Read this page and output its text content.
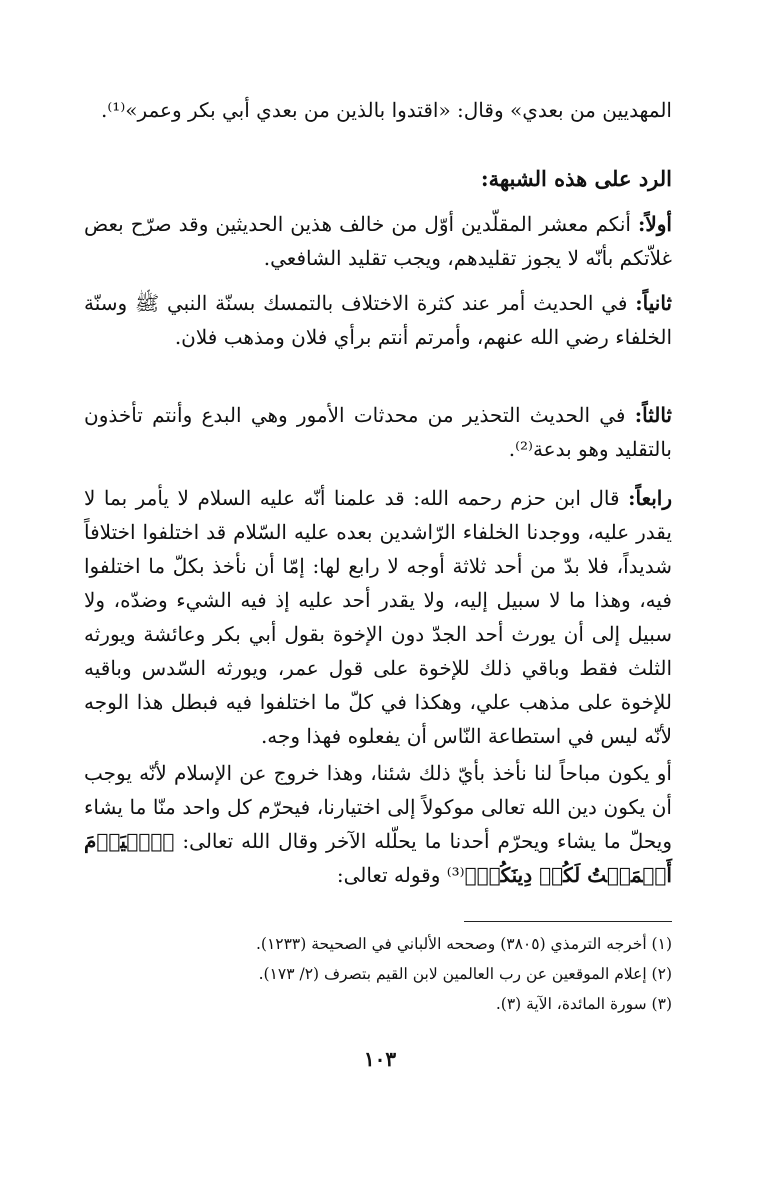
المهديين من بعدي» وقال: «اقتدوا بالذين من بعدي أبي بكر وعمر»⁽¹⁾.
الرد على هذه الشبهة:
أولاً: أنكم معشر المقلّدين أوّل من خالف هذين الحديثين وقد صرّح بعض غلاّتكم بأنّه لا يجوز تقليدهم، ويجب تقليد الشافعي.
ثانياً: في الحديث أمر عند كثرة الاختلاف بالتمسك بسنّة النبي ﷺ وسنّة الخلفاء رضي الله عنهم، وأمرتم أنتم برأي فلان ومذهب فلان.
ثالثاً: في الحديث التحذير من محدثات الأمور وهي البدع وأنتم تأخذون بالتقليد وهو بدعة⁽²⁾.
رابعاً: قال ابن حزم رحمه الله: قد علمنا أنّه عليه السلام لا يأمر بما لا يقدر عليه، ووجدنا الخلفاء الرّاشدين بعده عليه السّلام قد اختلفوا اختلافاً شديداً، فلا بدّ من أحد ثلاثة أوجه لا رابع لها: إمّا أن نأخذ بكلّ ما اختلفوا فيه، وهذا ما لا سبيل إليه، ولا يقدر أحد عليه إذ فيه الشيء وضدّه، ولا سبيل إلى أن يورث أحد الجدّ دون الإخوة بقول أبي بكر وعائشة ويورثه الثلث فقط وباقي ذلك للإخوة على قول عمر، ويورثه السّدس وباقيه للإخوة على مذهب علي، وهكذا في كلّ ما اختلفوا فيه فبطل هذا الوجه لأنّه ليس في استطاعة النّاس أن يفعلوه فهذا وجه.
أو يكون مباحاً لنا نأخذ بأيّ ذلك شئنا، وهذا خروج عن الإسلام لأنّه يوجب أن يكون دين الله تعالى موكولاً إلى اختيارنا، فيحرّم كل واحد منّا ما يشاء ويحلّ ما يشاء ويحرّم أحدنا ما يحلّله الآخر وقال الله تعالى: ﴿ٱلۡيَوۡمَ أَكۡمَلۡتُ لَكُمۡ دِينَكُمۡ﴾⁽³⁾ وقوله تعالى:
(١) أخرجه الترمذي (٣٨٠٥) وصححه الألباني في الصحيحة (١٢٣٣).
(٢) إعلام الموقعين عن رب العالمين لابن القيم بتصرف (٢/ ١٧٣).
(٣) سورة المائدة، الآية (٣).
١٠٣
